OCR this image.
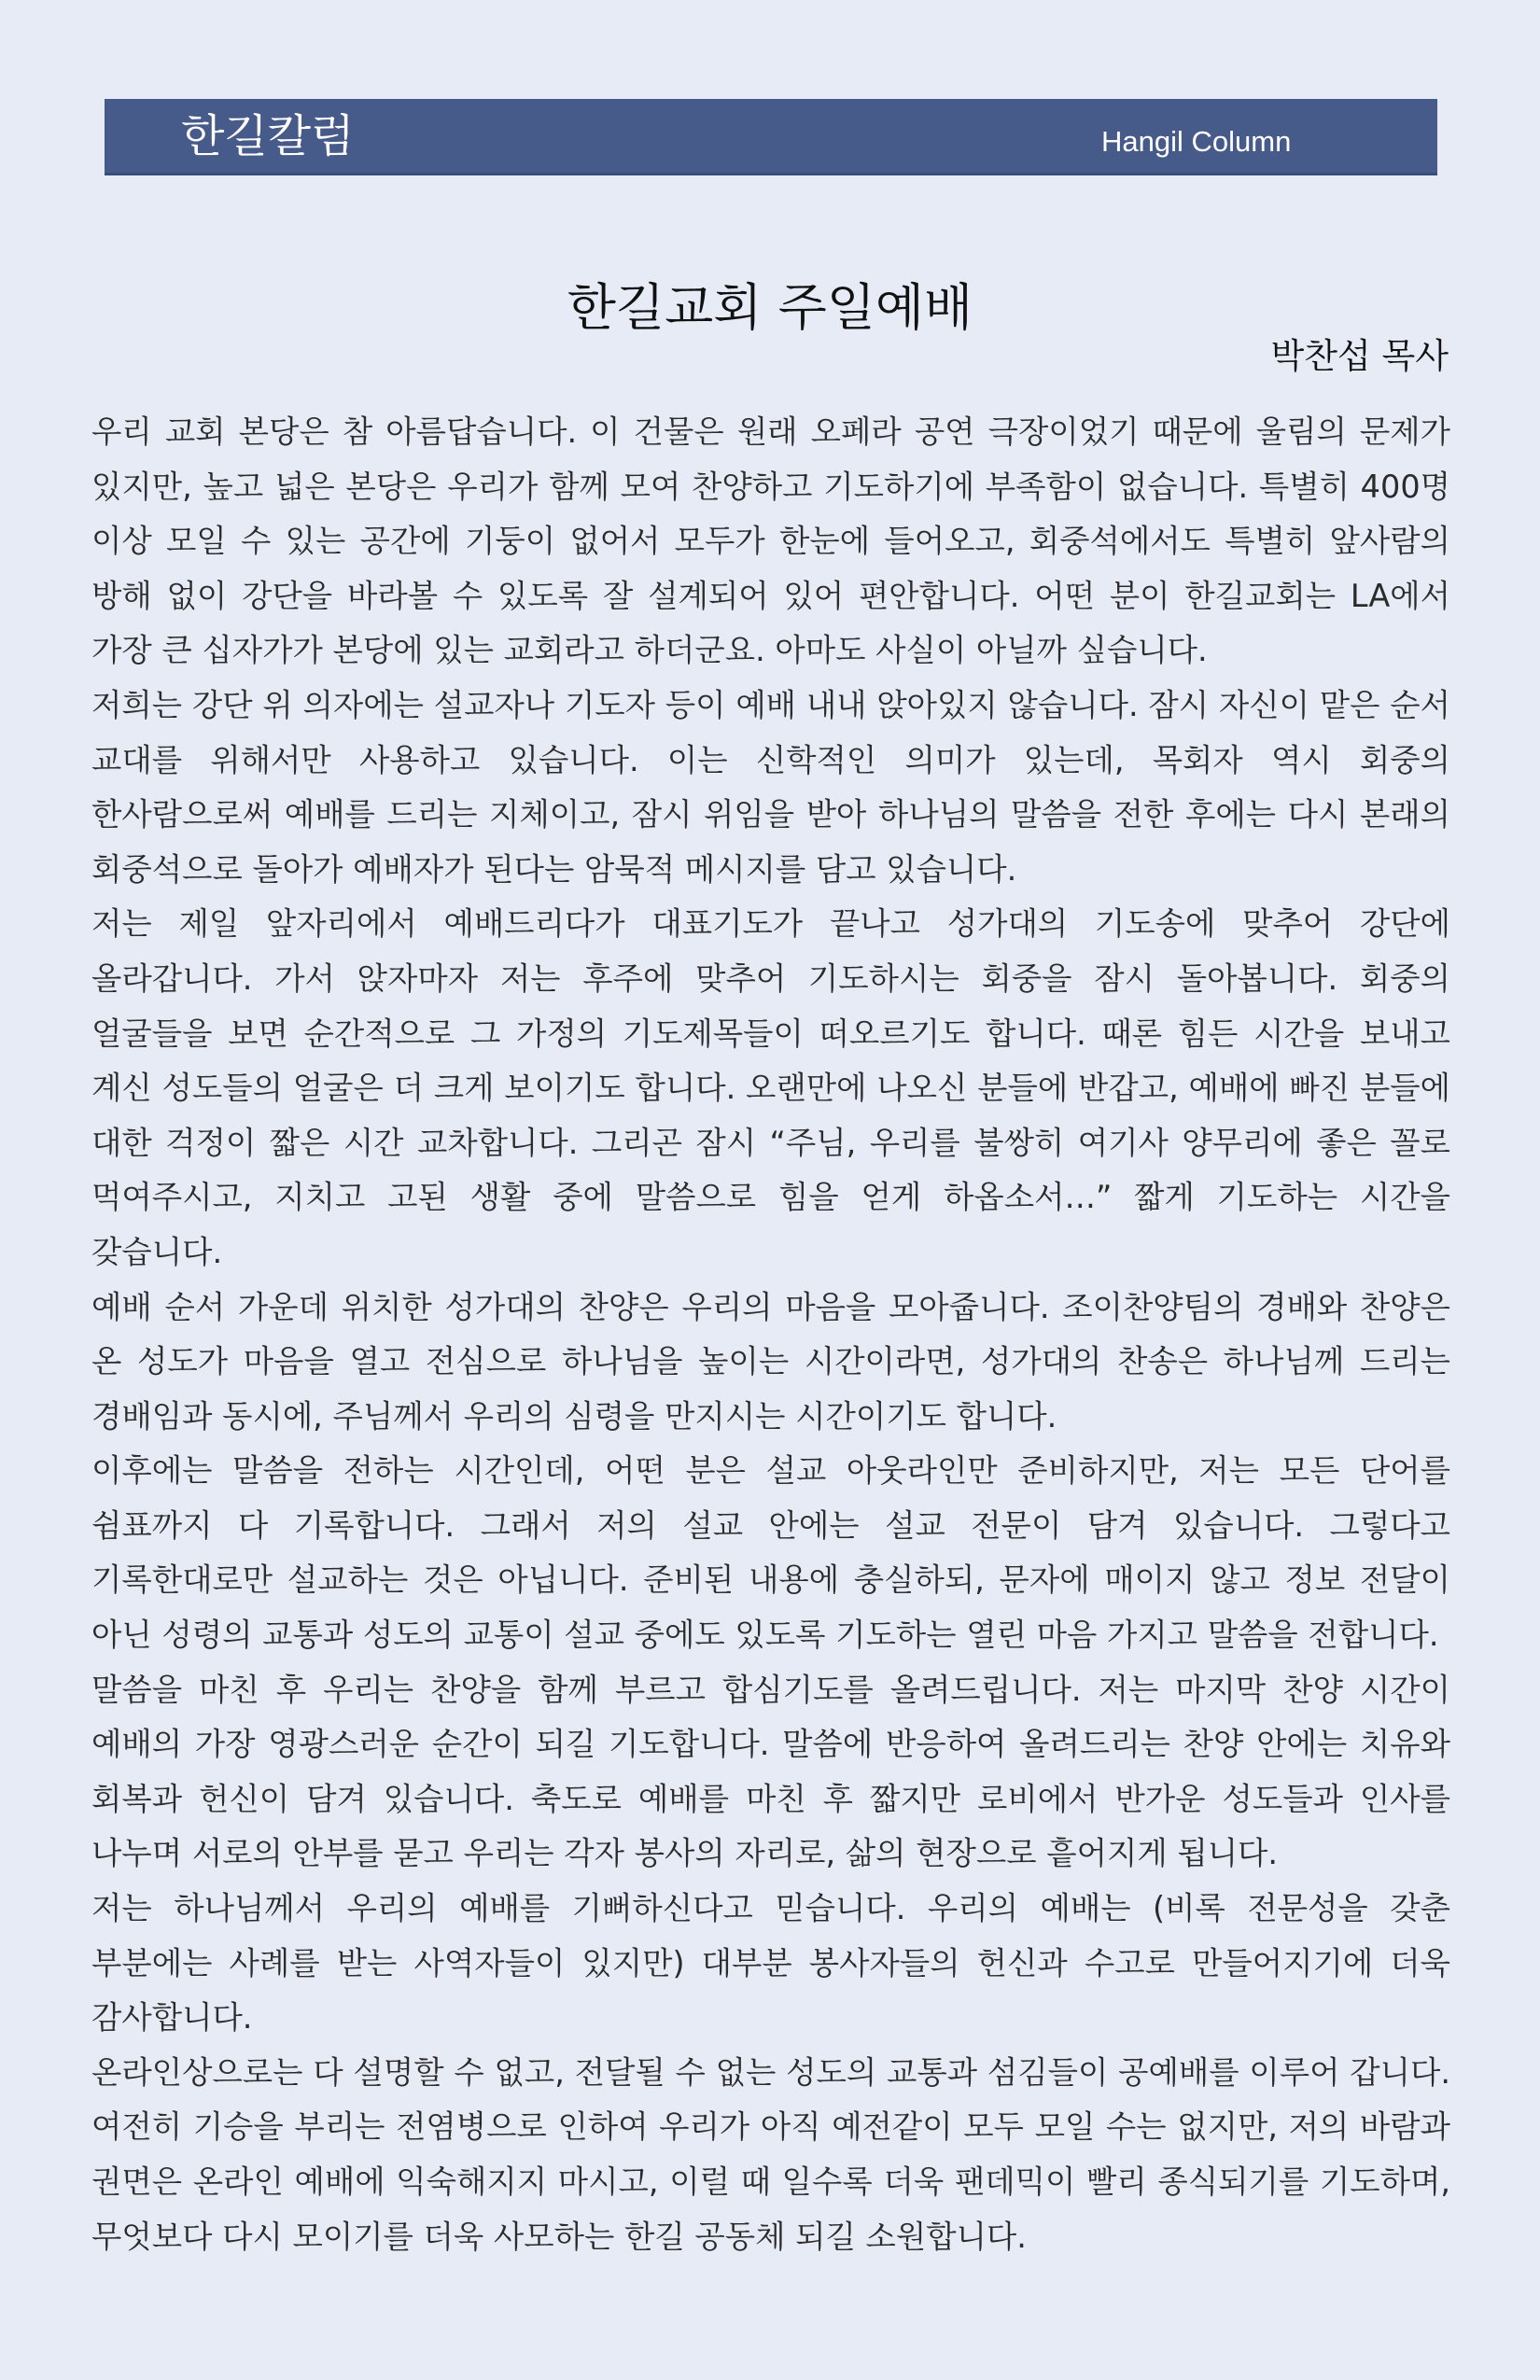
한길칼럼	Hangil Column
한길교회 주일예배
박찬섭 목사

우리 교회 본당은 참 아름답습니다. 이 건물은 원래 오페라 공연 극장이었기 때문에 울림의 문제가 있지만, 높고 넓은 본당은 우리가 함께 모여 찬양하고 기도하기에 부족함이 없습니다. 특별히 400명 이상 모일 수 있는 공간에 기둥이 없어서 모두가 한눈에 들어오고, 회중석에서도 특별히 앞사람의 방해 없이 강단을 바라볼 수 있도록 잘 설계되어 있어 편안합니다. 어떤 분이 한길교회는 LA에서 가장 큰 십자가가 본당에 있는 교회라고 하더군요. 아마도 사실이 아닐까 싶습니다.

저희는 강단 위 의자에는 설교자나 기도자 등이 예배 내내 앉아있지 않습니다. 잠시 자신이 맡은 순서 교대를 위해서만 사용하고 있습니다. 이는 신학적인 의미가 있는데, 목회자 역시 회중의 한사람으로써 예배를 드리는 지체이고, 잠시 위임을 받아 하나님의 말씀을 전한 후에는 다시 본래의 회중석으로 돌아가 예배자가 된다는 암묵적 메시지를 담고 있습니다.

저는 제일 앞자리에서 예배드리다가 대표기도가 끝나고 성가대의 기도송에 맞추어 강단에 올라갑니다. 가서 앉자마자 저는 후주에 맞추어 기도하시는 회중을 잠시 돌아봅니다. 회중의 얼굴들을 보면 순간적으로 그 가정의 기도제목들이 떠오르기도 합니다. 때론 힘든 시간을 보내고 계신 성도들의 얼굴은 더 크게 보이기도 합니다. 오랜만에 나오신 분들에 반갑고, 예배에 빠진 분들에 대한 걱정이 짧은 시간 교차합니다. 그리곤 잠시 “주님, 우리를 불쌍히 여기사 양무리에 좋은 꼴로 먹여주시고, 지치고 고된 생활 중에 말씀으로 힘을 얻게 하옵소서…” 짧게 기도하는 시간을 갖습니다.

예배 순서 가운데 위치한 성가대의 찬양은 우리의 마음을 모아줍니다. 조이찬양팀의 경배와 찬양은 온 성도가 마음을 열고 전심으로 하나님을 높이는 시간이라면, 성가대의 찬송은 하나님께 드리는 경배임과 동시에, 주님께서 우리의 심령을 만지시는 시간이기도 합니다.

이후에는 말씀을 전하는 시간인데, 어떤 분은 설교 아웃라인만 준비하지만, 저는 모든 단어를 쉼표까지 다 기록합니다. 그래서 저의 설교 안에는 설교 전문이 담겨 있습니다. 그렇다고 기록한대로만 설교하는 것은 아닙니다. 준비된 내용에 충실하되, 문자에 매이지 않고 정보 전달이 아닌 성령의 교통과 성도의 교통이 설교 중에도 있도록 기도하는 열린 마음 가지고 말씀을 전합니다.

말씀을 마친 후 우리는 찬양을 함께 부르고 합심기도를 올려드립니다. 저는 마지막 찬양 시간이 예배의 가장 영광스러운 순간이 되길 기도합니다. 말씀에 반응하여 올려드리는 찬양 안에는 치유와 회복과 헌신이 담겨 있습니다. 축도로 예배를 마친 후 짧지만 로비에서 반가운 성도들과 인사를 나누며 서로의 안부를 묻고 우리는 각자 봉사의 자리로, 삶의 현장으로 흩어지게 됩니다.

저는 하나님께서 우리의 예배를 기뻐하신다고 믿습니다. 우리의 예배는 (비록 전문성을 갖춘 부분에는 사례를 받는 사역자들이 있지만) 대부분 봉사자들의 헌신과 수고로 만들어지기에 더욱 감사합니다.

온라인상으로는 다 설명할 수 없고, 전달될 수 없는 성도의 교통과 섬김들이 공예배를 이루어 갑니다. 여전히 기승을 부리는 전염병으로 인하여 우리가 아직 예전같이 모두 모일 수는 없지만, 저의 바람과 권면은 온라인 예배에 익숙해지지 마시고, 이럴 때 일수록 더욱 팬데믹이 빨리 종식되기를 기도하며, 무엇보다 다시 모이기를 더욱 사모하는 한길 공동체 되길 소원합니다.
